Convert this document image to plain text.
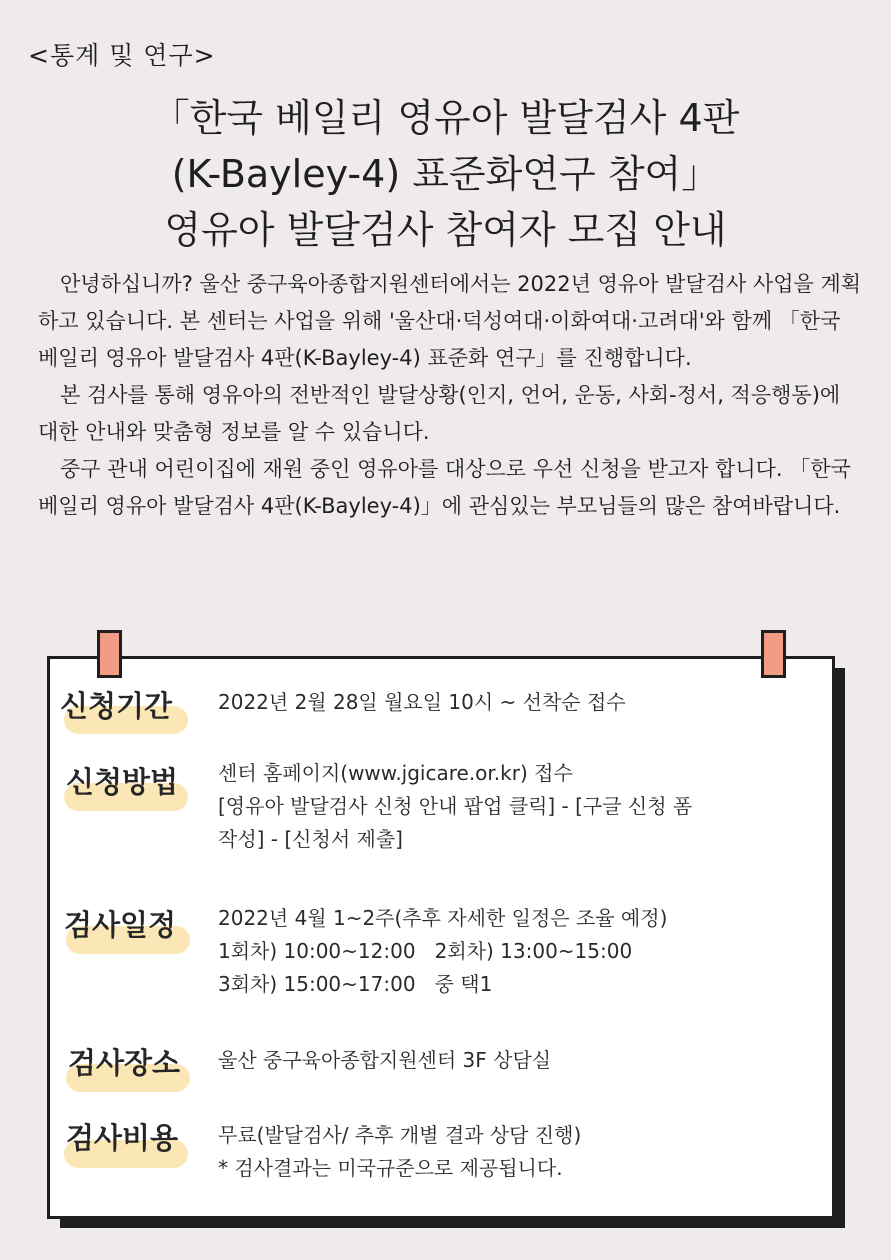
<통계 및 연구>
「한국 베일리 영유아 발달검사 4판
(K-Bayley-4) 표준화연구 참여」
영유아 발달검사 참여자 모집 안내

안녕하십니까? 울산 중구육아종합지원센터에서는 2022년 영유아 발달검사 사업을 계획하고 있습니다. 본 센터는 사업을 위해 '울산대·덕성여대·이화여대·고려대'와 함께 「한국 베일리 영유아 발달검사 4판(K-Bayley-4) 표준화 연구」를 진행합니다.

본 검사를 통해 영유아의 전반적인 발달상황(인지, 언어, 운동, 사회-정서, 적응행동)에 대한 안내와 맞춤형 정보를 알 수 있습니다.

중구 관내 어린이집에 재원 중인 영유아를 대상으로 우선 신청을 받고자 합니다. 「한국 베일리 영유아 발달검사 4판(K-Bayley-4)」에 관심있는 부모님들의 많은 참여바랍니다.

신청기간 2022년 2월 28일 월요일 10시 ~ 선착순 접수
신청방법 센터 홈페이지(www.jgicare.or.kr) 접수
[영유아 발달검사 신청 안내 팝업 클릭] - [구글 신청 폼
작성] - [신청서 제출]
검사일정 2022년 4월 1~2주(추후 자세한 일정은 조율 예정)
1회차) 10:00~12:00   2회차) 13:00~15:00
3회차) 15:00~17:00   중 택1
검사장소 울산 중구육아종합지원센터 3F 상담실
검사비용 무료(발달검사/ 추후 개별 결과 상담 진행)
* 검사결과는 미국규준으로 제공됩니다.
